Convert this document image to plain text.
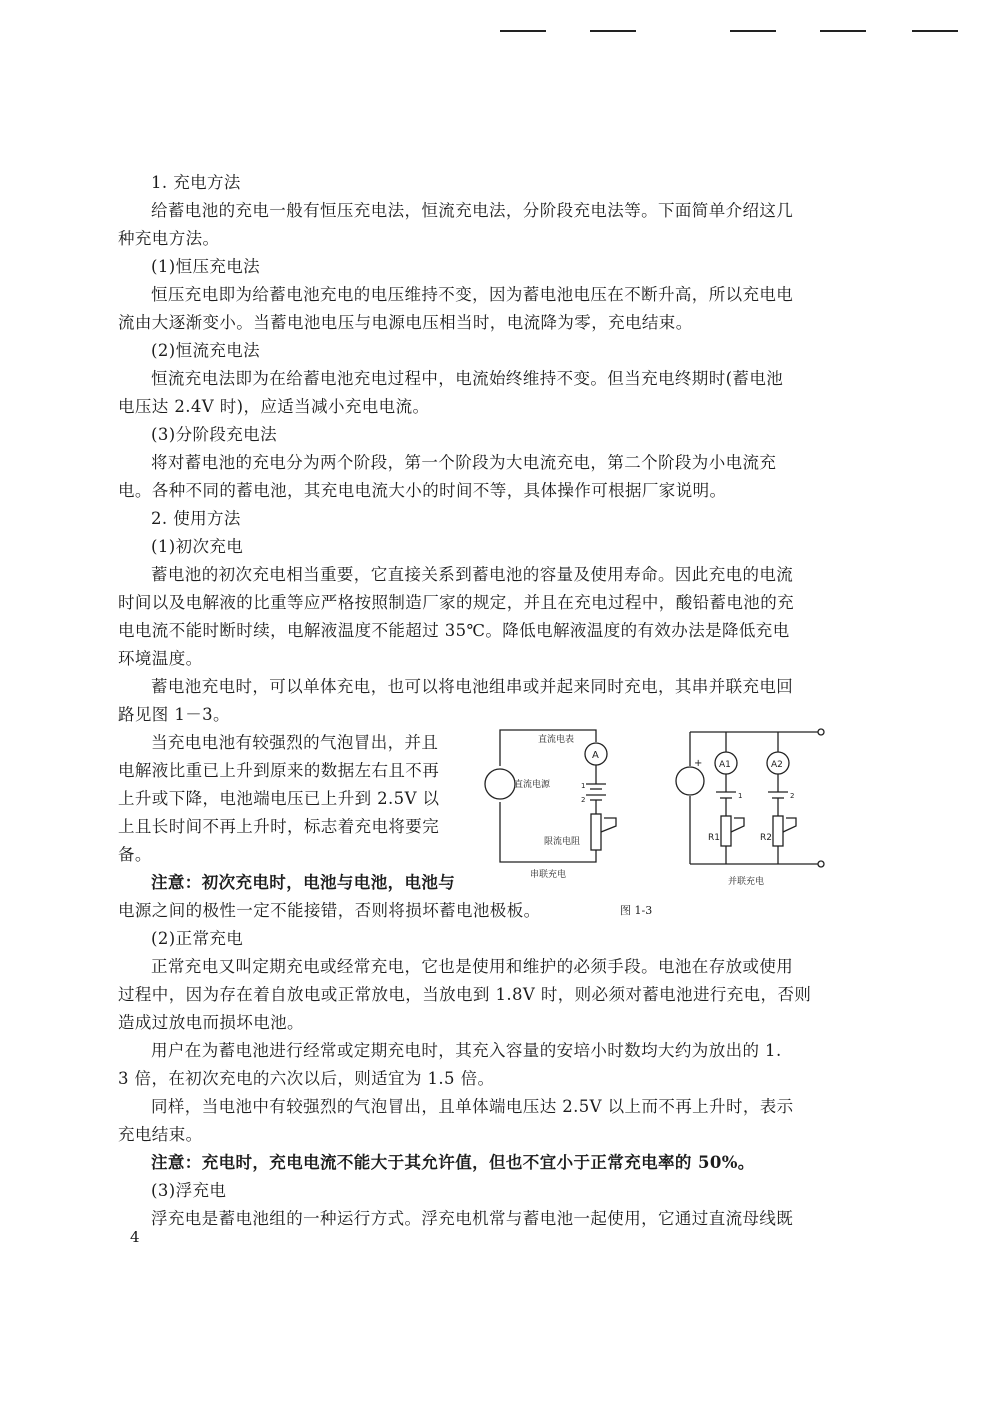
1. 充电方法

给蓄电池的充电一般有恒压充电法，恒流充电法，分阶段充电法等。下面简单介绍这几

种充电方法。

(1)恒压充电法

恒压充电即为给蓄电池充电的电压维持不变，因为蓄电池电压在不断升高，所以充电电

流由大逐渐变小。当蓄电池电压与电源电压相当时，电流降为零，充电结束。

(2)恒流充电法

恒流充电法即为在给蓄电池充电过程中，电流始终维持不变。但当充电终期时(蓄电池

电压达 2.4V 时)，应适当减小充电电流。

(3)分阶段充电法

将对蓄电池的充电分为两个阶段，第一个阶段为大电流充电，第二个阶段为小电流充

电。各种不同的蓄电池，其充电电流大小的时间不等，具体操作可根据厂家说明。

2. 使用方法

(1)初次充电

蓄电池的初次充电相当重要，它直接关系到蓄电池的容量及使用寿命。因此充电的电流

时间以及电解液的比重等应严格按照制造厂家的规定，并且在充电过程中，酸铅蓄电池的充

电电流不能时断时续，电解液温度不能超过 35℃。降低电解液温度的有效办法是降低充电

环境温度。

蓄电池充电时，可以单体充电，也可以将电池组串或并起来同时充电，其串并联充电回

路见图 1－3。

当充电电池有较强烈的气泡冒出，并且

电解液比重已上升到原来的数据左右且不再

上升或下降，电池端电压已上升到 2.5V 以

上且长时间不再上升时，标志着充电将要完

备。

注意：初次充电时，电池与电池，电池与

电源之间的极性一定不能接错，否则将损坏蓄电池极板。

(2)正常充电

正常充电又叫定期充电或经常充电，它也是使用和维护的必须手段。电池在存放或使用

过程中，因为存在着自放电或正常放电，当放电到 1.8V 时，则必须对蓄电池进行充电，否则

造成过放电而损坏电池。

用户在为蓄电池进行经常或定期充电时，其充入容量的安培小时数均大约为放出的 1.

3 倍，在初次充电的六次以后，则适宜为 1.5 倍。

同样，当电池中有较强烈的气泡冒出，且单体端电压达 2.5V 以上而不再上升时，表示

充电结束。

注意：充电时，充电电流不能大于其允许值，但也不宜小于正常充电率的 50%。

(3)浮充电

浮充电是蓄电池组的一种运行方式。浮充电机常与蓄电池一起使用，它通过直流母线既

A
直流电表
直流电源	1
2
限流电阻
串联充电
+ A1	A2
1	2
R1	R2
并联充电
图 1-3
4
